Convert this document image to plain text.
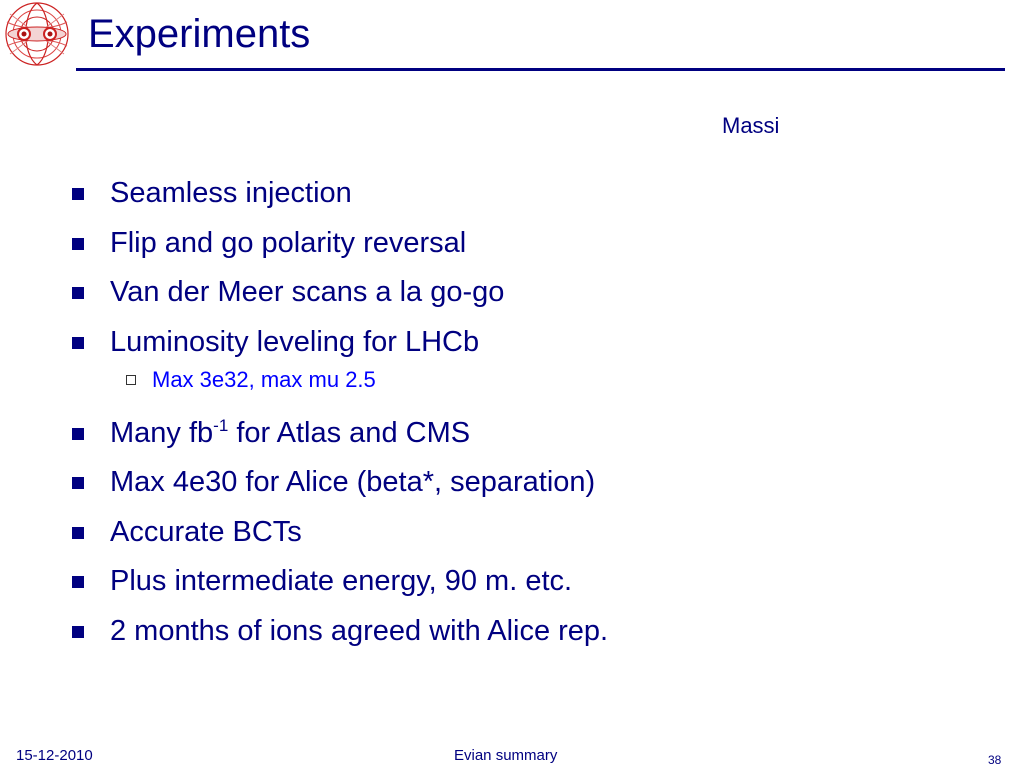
Experiments
Massi
Seamless injection
Flip and go polarity reversal
Van der Meer scans a la go-go
Luminosity leveling for LHCb
Max 3e32, max mu 2.5
Many $fb^{-1}$ for Atlas and CMS
Max 4e30 for Alice (beta*, separation)
Accurate BCTs
Plus intermediate energy, 90 m. etc.
2 months of ions agreed with Alice rep.
15-12-2010	Evian summary	38
